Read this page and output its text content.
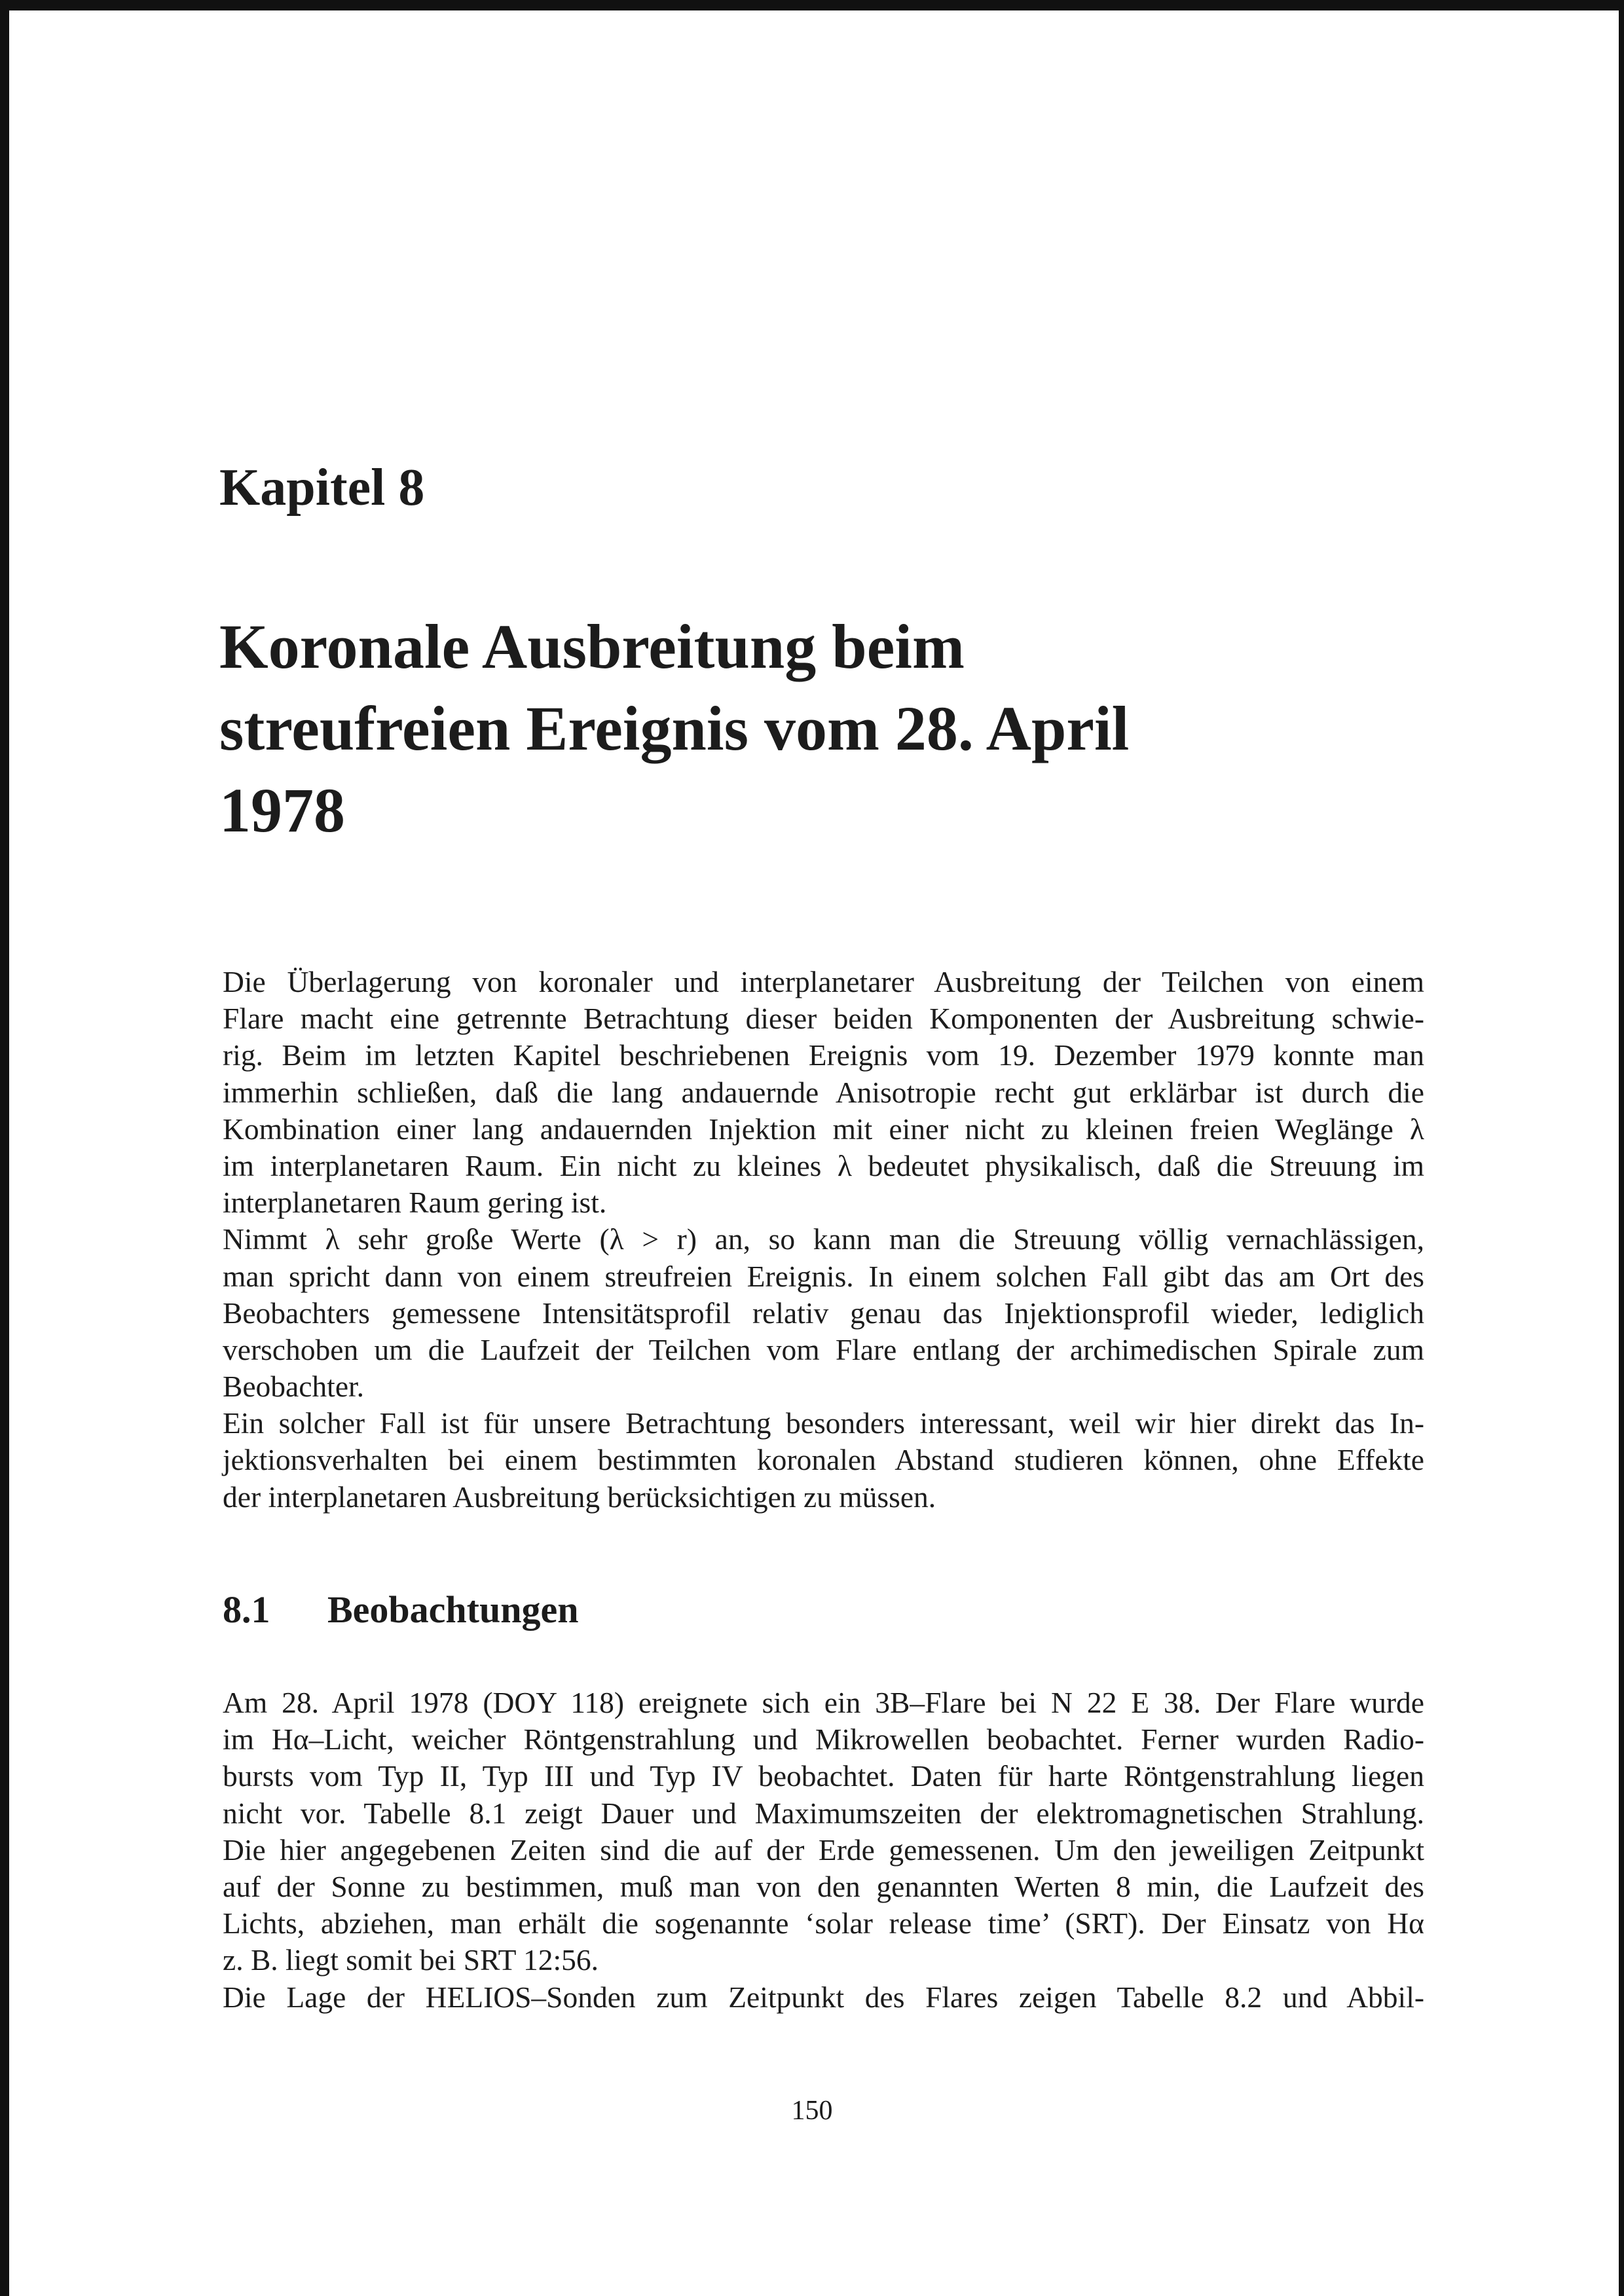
Kapitel 8
Koronale Ausbreitung beim
streufreien Ereignis vom 28. April
1978

Die Überlagerung von koronaler und interplanetarer Ausbreitung der Teilchen von einem
Flare macht eine getrennte Betrachtung dieser beiden Komponenten der Ausbreitung schwie-
rig. Beim im letzten Kapitel beschriebenen Ereignis vom 19. Dezember 1979 konnte man
immerhin schließen, daß die lang andauernde Anisotropie recht gut erklärbar ist durch die
Kombination einer lang andauernden Injektion mit einer nicht zu kleinen freien Weglänge λ
im interplanetaren Raum. Ein nicht zu kleines λ bedeutet physikalisch, daß die Streuung im
interplanetaren Raum gering ist.

Nimmt λ sehr große Werte (λ > r) an, so kann man die Streuung völlig vernachlässigen,
man spricht dann von einem streufreien Ereignis. In einem solchen Fall gibt das am Ort des
Beobachters gemessene Intensitätsprofil relativ genau das Injektionsprofil wieder, lediglich
verschoben um die Laufzeit der Teilchen vom Flare entlang der archimedischen Spirale zum
Beobachter.

Ein solcher Fall ist für unsere Betrachtung besonders interessant, weil wir hier direkt das In-
jektionsverhalten bei einem bestimmten koronalen Abstand studieren können, ohne Effekte
der interplanetaren Ausbreitung berücksichtigen zu müssen.

8.1 Beobachtungen

Am 28. April 1978 (DOY 118) ereignete sich ein 3B–Flare bei N 22 E 38. Der Flare wurde
im Hα–Licht, weicher Röntgenstrahlung und Mikrowellen beobachtet. Ferner wurden Radio-
bursts vom Typ II, Typ III und Typ IV beobachtet. Daten für harte Röntgenstrahlung liegen
nicht vor. Tabelle 8.1 zeigt Dauer und Maximumszeiten der elektromagnetischen Strahlung.
Die hier angegebenen Zeiten sind die auf der Erde gemessenen. Um den jeweiligen Zeitpunkt
auf der Sonne zu bestimmen, muß man von den genannten Werten 8 min, die Laufzeit des
Lichts, abziehen, man erhält die sogenannte ‘solar release time’ (SRT). Der Einsatz von Hα
z. B. liegt somit bei SRT 12:56.

Die Lage der HELIOS–Sonden zum Zeitpunkt des Flares zeigen Tabelle 8.2 und Abbil-

150
